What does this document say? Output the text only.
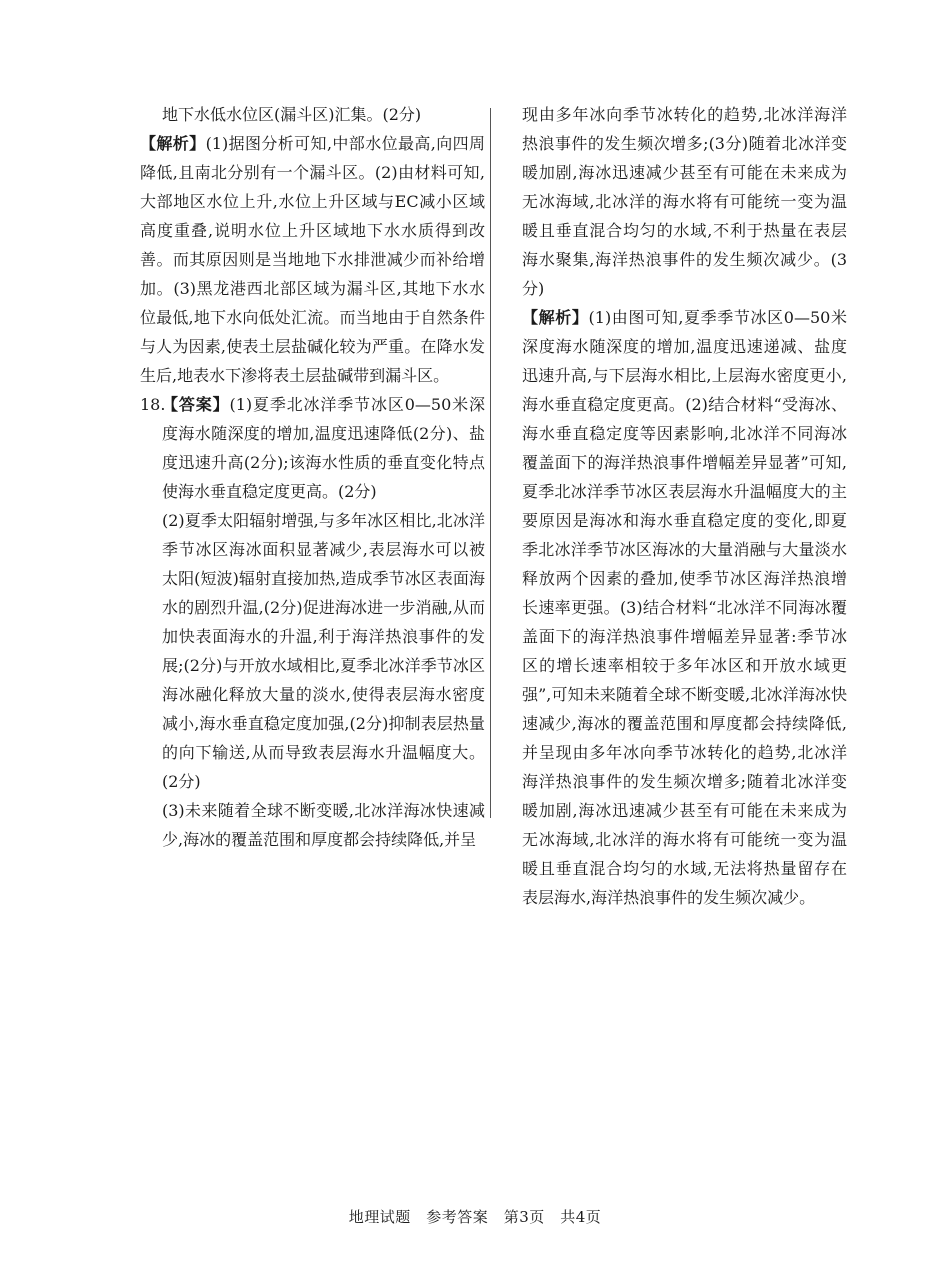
地下水低水位区(漏斗区)汇集。(2分)

【解析】(1)据图分析可知,中部水位最高,向四周降低,且南北分别有一个漏斗区。(2)由材料可知,大部地区水位上升,水位上升区域与EC减小区域高度重叠,说明水位上升区域地下水水质得到改善。而其原因则是当地地下水排泄减少而补给增加。(3)黑龙港西北部区域为漏斗区,其地下水水位最低,地下水向低处汇流。而当地由于自然条件与人为因素,使表土层盐碱化较为严重。在降水发生后,地表水下渗将表土层盐碱带到漏斗区。

18.

【答案】(1)夏季北冰洋季节冰区0—50米深度海水随深度的增加,温度迅速降低(2分)、盐度迅速升高(2分);该海水性质的垂直变化特点使海水垂直稳定度更高。(2分)

(2)夏季太阳辐射增强,与多年冰区相比,北冰洋季节冰区海冰面积显著减少,表层海水可以被太阳(短波)辐射直接加热,造成季节冰区表面海水的剧烈升温,(2分)促进海冰进一步消融,从而加快表面海水的升温,利于海洋热浪事件的发展;(2分)与开放水域相比,夏季北冰洋季节冰区海冰融化释放大量的淡水,使得表层海水密度减小,海水垂直稳定度加强,(2分)抑制表层热量的向下输送,从而导致表层海水升温幅度大。(2分)

(3)未来随着全球不断变暖,北冰洋海冰快速减少,海冰的覆盖范围和厚度都会持续降低,并呈

现由多年冰向季节冰转化的趋势,北冰洋海洋热浪事件的发生频次增多;(3分)随着北冰洋变暖加剧,海冰迅速减少甚至有可能在未来成为无冰海域,北冰洋的海水将有可能统一变为温暖且垂直混合均匀的水域,不利于热量在表层海水聚集,海洋热浪事件的发生频次减少。(3分)

【解析】(1)由图可知,夏季季节冰区0—50米深度海水随深度的增加,温度迅速递减、盐度迅速升高,与下层海水相比,上层海水密度更小,海水垂直稳定度更高。(2)结合材料“受海冰、海水垂直稳定度等因素影响,北冰洋不同海冰覆盖面下的海洋热浪事件增幅差异显著”可知,夏季北冰洋季节冰区表层海水升温幅度大的主要原因是海冰和海水垂直稳定度的变化,即夏季北冰洋季节冰区海冰的大量消融与大量淡水释放两个因素的叠加,使季节冰区海洋热浪增长速率更强。(3)结合材料“北冰洋不同海冰覆盖面下的海洋热浪事件增幅差异显著:季节冰区的增长速率相较于多年冰区和开放水域更强”,可知未来随着全球不断变暖,北冰洋海冰快速减少,海冰的覆盖范围和厚度都会持续降低,并呈现由多年冰向季节冰转化的趋势,北冰洋海洋热浪事件的发生频次增多;随着北冰洋变暖加剧,海冰迅速减少甚至有可能在未来成为无冰海域,北冰洋的海水将有可能统一变为温暖且垂直混合均匀的水域,无法将热量留存在表层海水,海洋热浪事件的发生频次减少。

地理试题　参考答案　第3页　共4页
